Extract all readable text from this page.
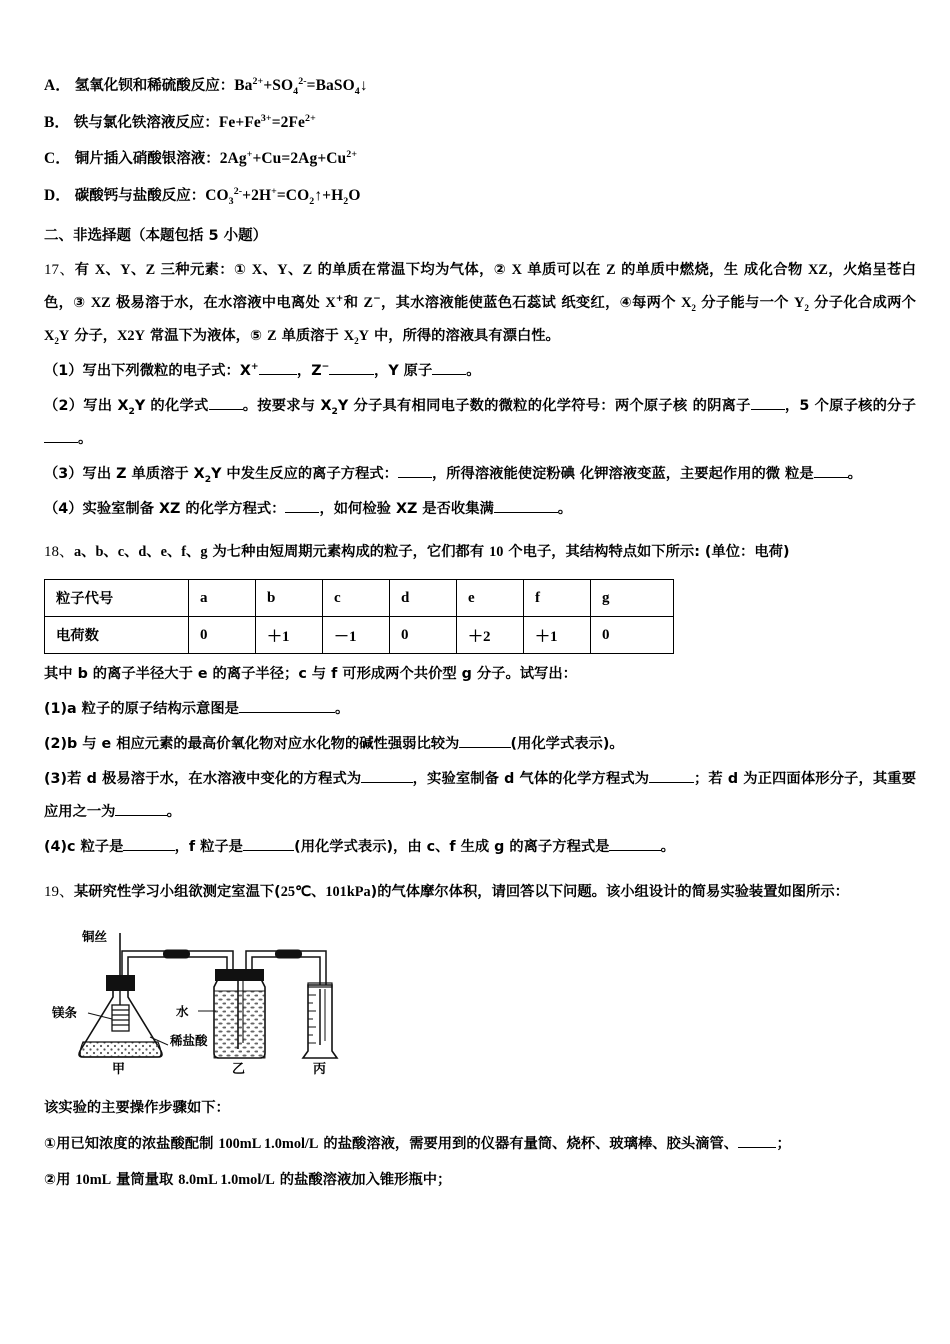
A． 氢氧化钡和稀硫酸反应：$Ba^{2+}+SO_4^{2-}=BaSO_4↓$
B． 铁与氯化铁溶液反应：$Fe+Fe^{3+}=2Fe^{2+}$
C． 铜片插入硝酸银溶液：$2Ag^++Cu=2Ag+Cu^{2+}$
D． 碳酸钙与盐酸反应：$CO_3^{2-}+2H^+=CO_2↑+H_2O$
二、非选择题（本题包括 5 小题）
17、有 X、Y、Z 三种元素：① X、Y、Z 的单质在常温下均为气体，② X 单质可以在 Z 的单质中燃烧，生 成化合物 XZ，火焰呈苍白色，③ XZ 极易溶于水，在水溶液中电离处 X+和 Z−，其水溶液能使蓝色石蕊试 纸变红，④每两个 $X_2$ 分子能与一个 $Y_2$ 分子化合成两个 $X_2Y$ 分子，X2Y 常温下为液体，⑤ Z 单质溶于 $X_2Y$ 中，所得的溶液具有漂白性。
（1）写出下列微粒的电子式：X+	，Z−	，Y 原子 。
（2）写出 $X_2Y$ 的化学式 。按要求与 $X_2Y$ 分子具有相同电子数的微粒的化学符号：两个原子核 的阴离子 ，5 个原子核的分子。
（3）写出 Z 单质溶于 $X_2Y$ 中发生反应的离子方程式： ，所得溶液能使淀粉碘 化钾溶液变蓝，主要起作用的微 粒是 。
（4）实验室制备 XZ 的化学方程式： ，如何检验 XZ 是否收集满	。
18、a、b、c、d、e、f、g 为七种由短周期元素构成的粒子，它们都有 10 个电子，其结构特点如下所示: (单位：电荷)
粒子代号	a	b	c	d	e	f	g
电荷数	0	＋1	－1	0	＋2	＋1	0
其中 b 的离子半径大于 e 的离子半径；c 与 f 可形成两个共价型 g 分子。试写出：
(1)a 粒子的原子结构示意图是	。
(2)b 与 e 相应元素的最高价氧化物对应水化物的碱性强弱比较为	(用化学式表示)。
(3)若 d 极易溶于水，在水溶液中变化的方程式为	，实验室制备 d 气体的化学方程式为	；若 d 为正四面体形分子，其重要应用之一为	。
(4)c 粒子是	，f 粒子是	(用化学式表示)，由 c、f 生成 g 的离子方程式是	。
19、某研究性学习小组欲测定室温下(25℃、101kPa)的气体摩尔体积，请回答以下问题。该小组设计的简易实验装置如图所示：
铜丝
镁条	水
稀盐酸
甲	乙	丙
该实验的主要操作步骤如下：
①用已知浓度的浓盐酸配制 100mL 1.0mol/L 的盐酸溶液，需要用到的仪器有量筒、烧杯、玻璃棒、胶头滴管、	；
②用 10mL 量筒量取 8.0mL 1.0mol/L 的盐酸溶液加入锥形瓶中；
